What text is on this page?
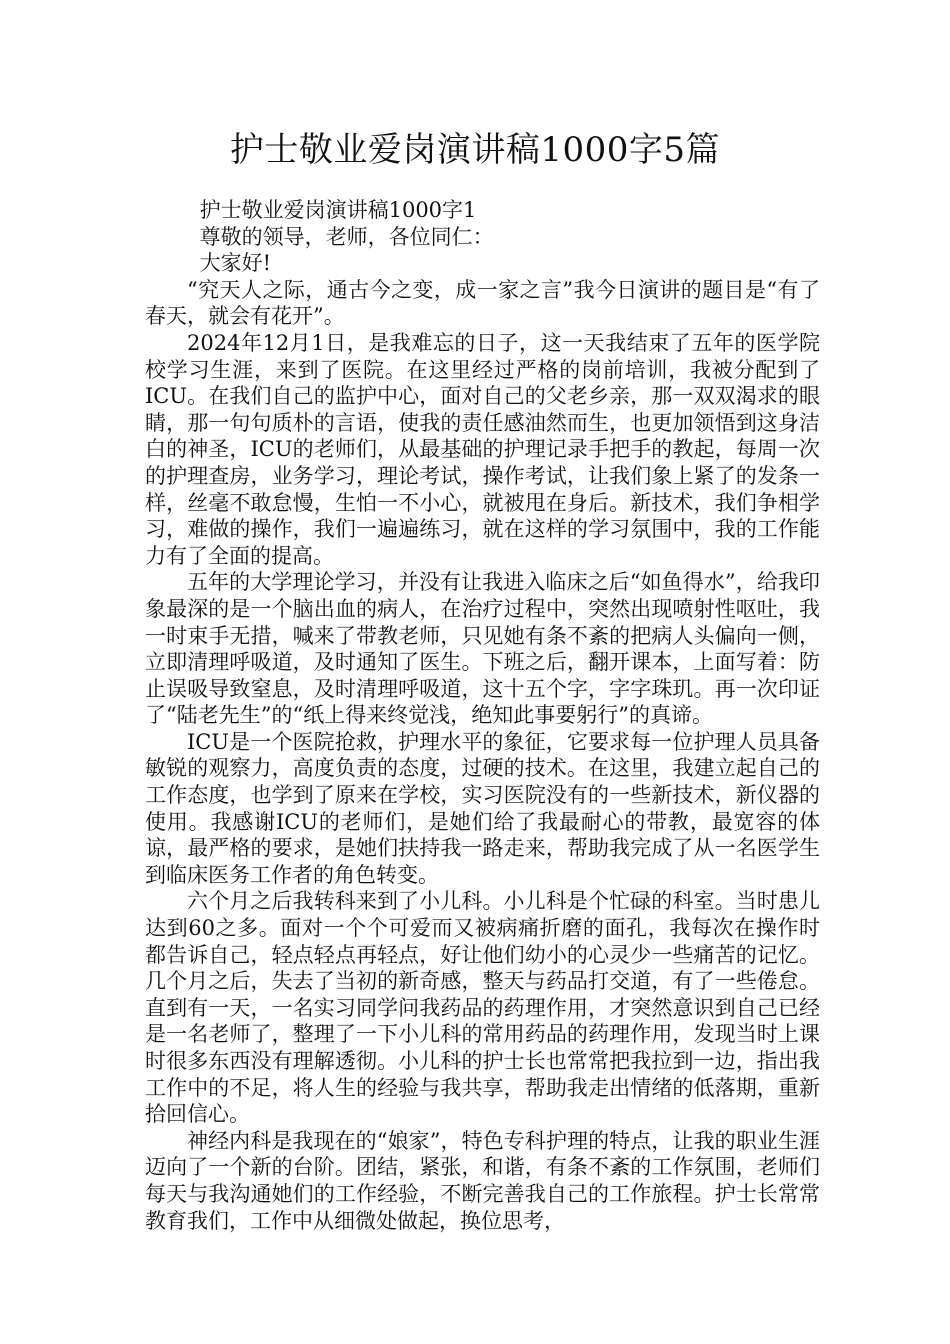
护士敬业爱岗演讲稿1000字5篇

护士敬业爱岗演讲稿1000字1

尊敬的领导，老师，各位同仁：

大家好!

“究天人之际，通古今之变，成一家之言”我今日演讲的题目是“有了春天，就会有花开”。

2024年12月1日，是我难忘的日子，这一天我结束了五年的医学院校学习生涯，来到了医院。在这里经过严格的岗前培训，我被分配到了ICU。在我们自己的监护中心，面对自己的父老乡亲，那一双双渴求的眼睛，那一句句质朴的言语，使我的责任感油然而生，也更加领悟到这身洁白的神圣，ICU的老师们，从最基础的护理记录手把手的教起，每周一次的护理查房，业务学习，理论考试，操作考试，让我们象上紧了的发条一样，丝毫不敢怠慢，生怕一不小心，就被甩在身后。新技术，我们争相学习，难做的操作，我们一遍遍练习，就在这样的学习氛围中，我的工作能力有了全面的提高。

五年的大学理论学习，并没有让我进入临床之后“如鱼得水”，给我印象最深的是一个脑出血的病人，在治疗过程中，突然出现喷射性呕吐，我一时束手无措，喊来了带教老师，只见她有条不紊的把病人头偏向一侧，立即清理呼吸道，及时通知了医生。下班之后，翻开课本，上面写着：防止误吸导致窒息，及时清理呼吸道，这十五个字，字字珠玑。再一次印证了“陆老先生”的“纸上得来终觉浅，绝知此事要躬行”的真谛。

ICU是一个医院抢救，护理水平的象征，它要求每一位护理人员具备敏锐的观察力，高度负责的态度，过硬的技术。在这里，我建立起自己的工作态度，也学到了原来在学校，实习医院没有的一些新技术，新仪器的使用。我感谢ICU的老师们，是她们给了我最耐心的带教，最宽容的体谅，最严格的要求，是她们扶持我一路走来，帮助我完成了从一名医学生到临床医务工作者的角色转变。

六个月之后我转科来到了小儿科。小儿科是个忙碌的科室。当时患儿达到60之多。面对一个个可爱而又被病痛折磨的面孔，我每次在操作时都告诉自己，轻点轻点再轻点，好让他们幼小的心灵少一些痛苦的记忆。几个月之后，失去了当初的新奇感，整天与药品打交道，有了一些倦怠。直到有一天，一名实习同学问我药品的药理作用，才突然意识到自己已经是一名老师了，整理了一下小儿科的常用药品的药理作用，发现当时上课时很多东西没有理解透彻。小儿科的护士长也常常把我拉到一边，指出我工作中的不足，将人生的经验与我共享，帮助我走出情绪的低落期，重新拾回信心。

神经内科是我现在的“娘家”，特色专科护理的特点，让我的职业生涯迈向了一个新的台阶。团结，紧张，和谐，有条不紊的工作氛围，老师们每天与我沟通她们的工作经验，不断完善我自己的工作旅程。护士长常常教育我们，工作中从细微处做起，换位思考，
